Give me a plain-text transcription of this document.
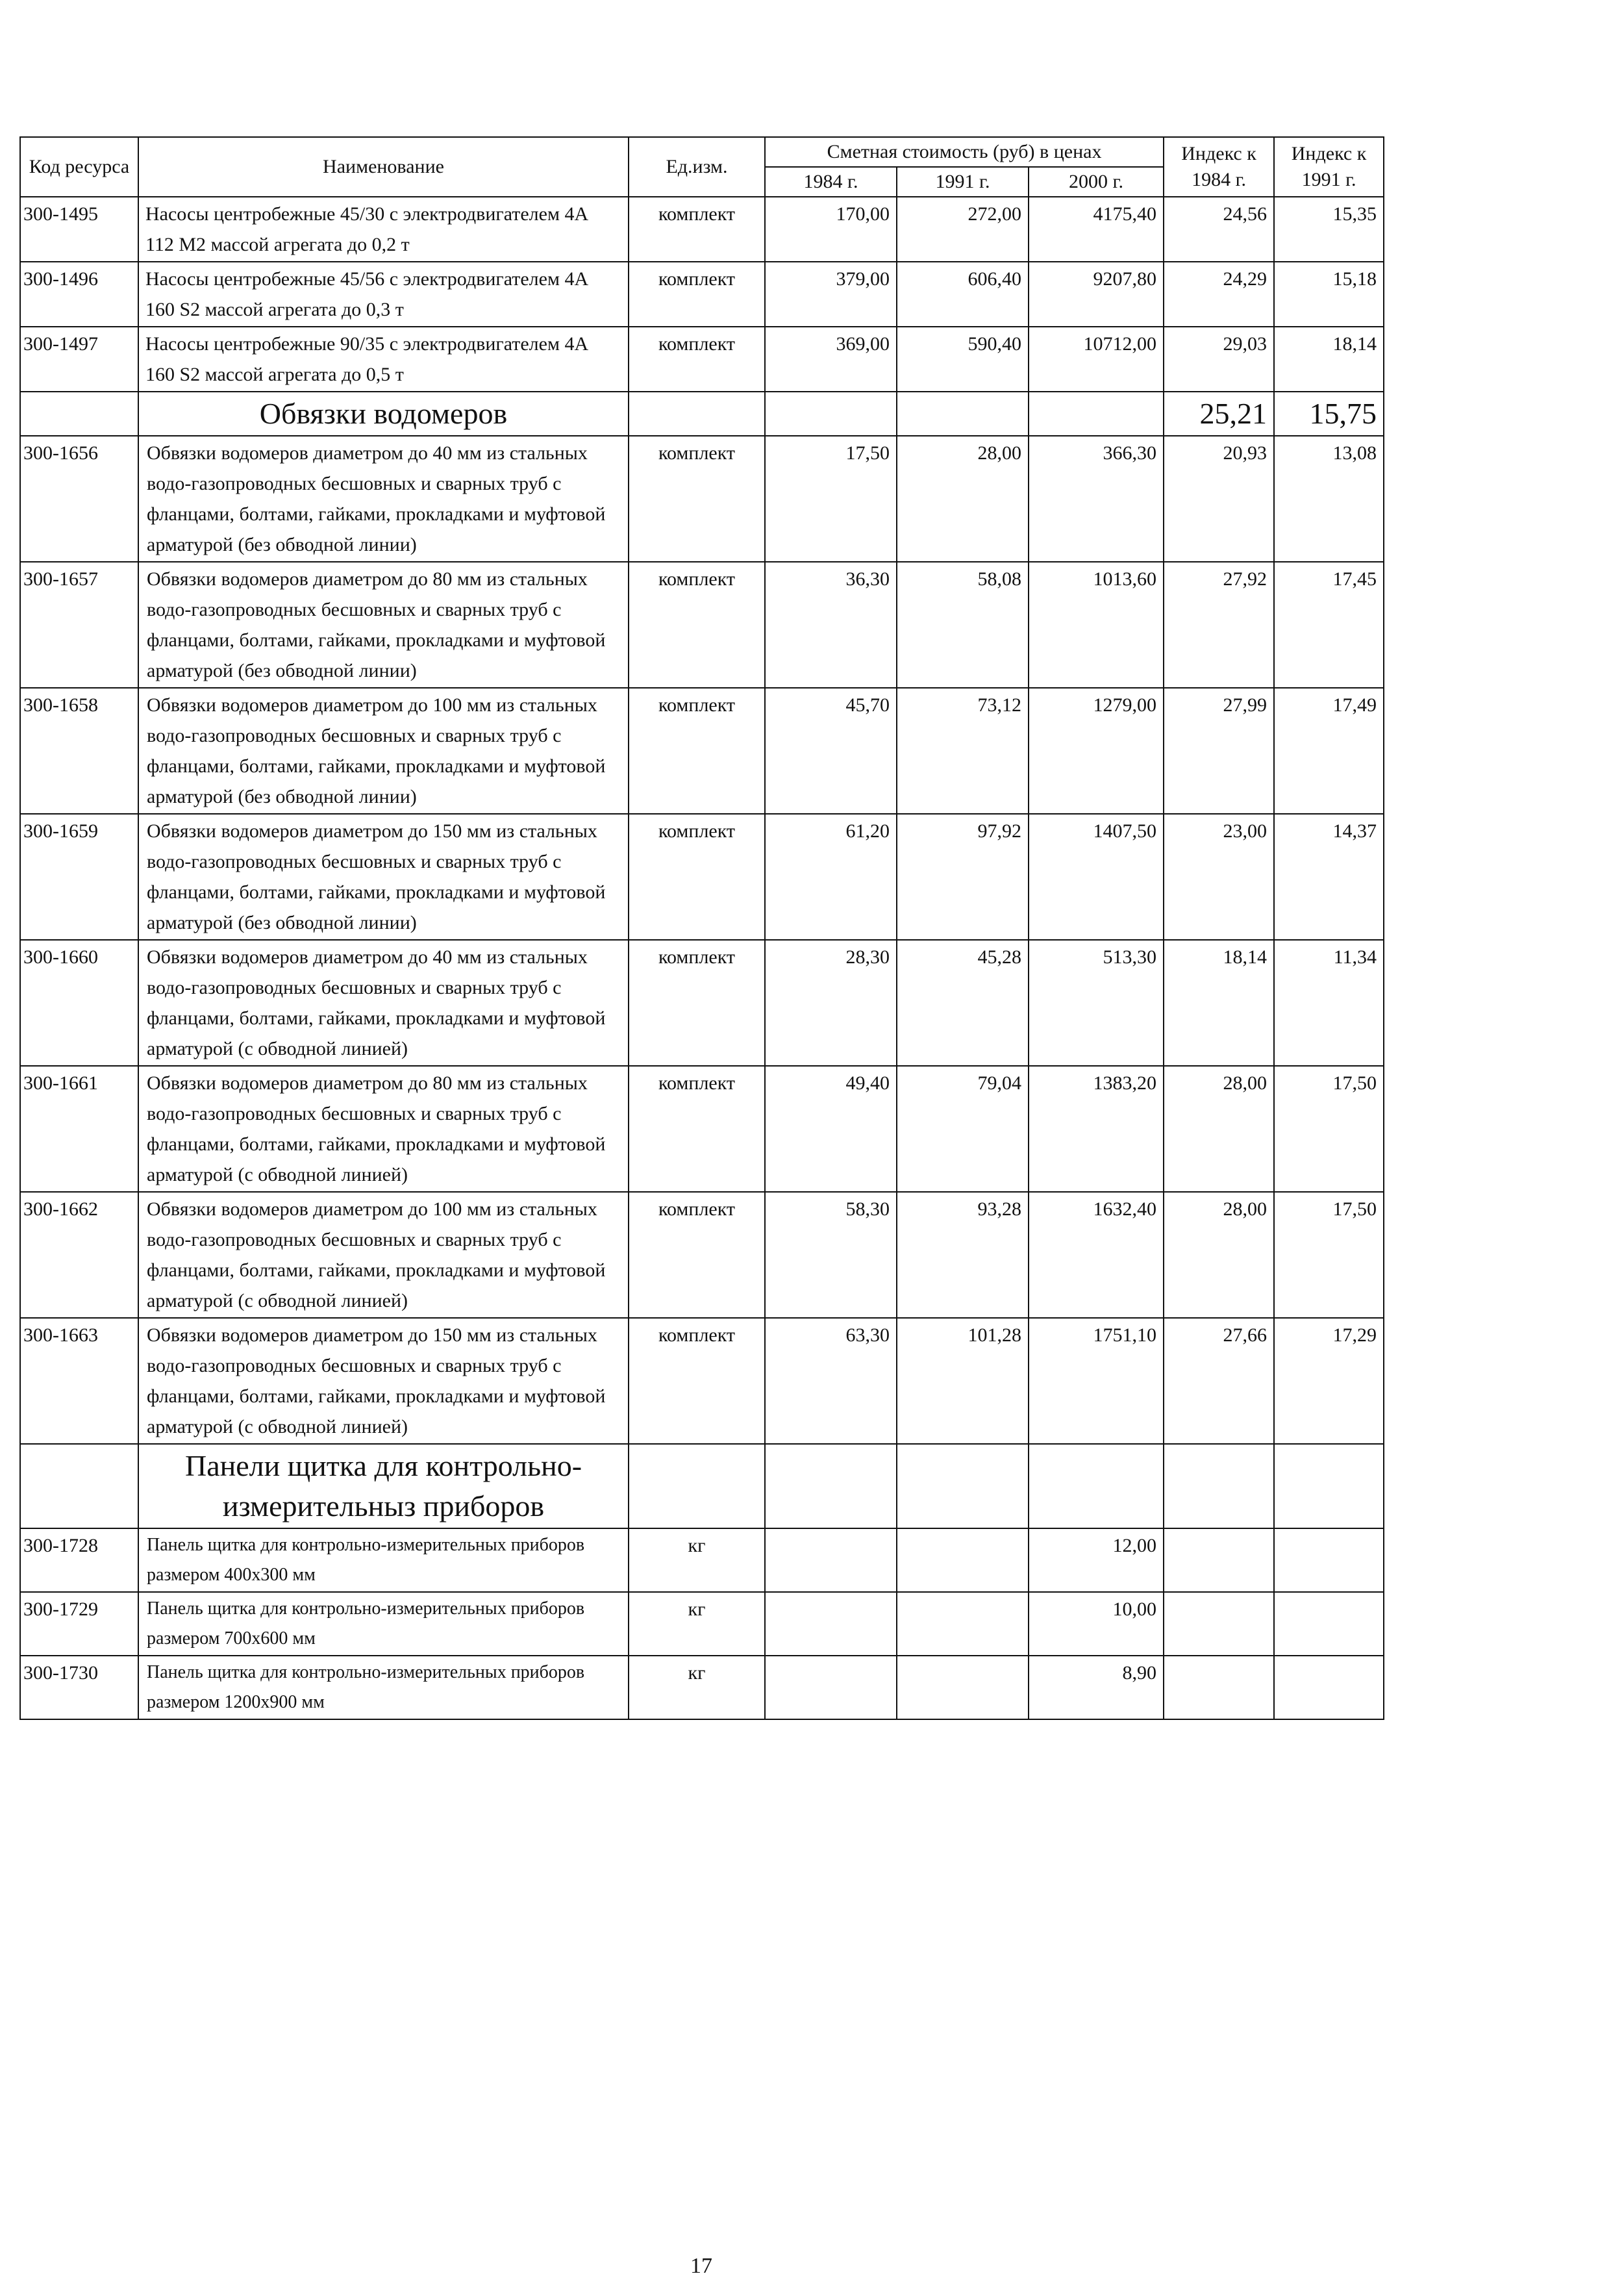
Код ресурса	Наименование	Ед.изм.	Сметная стоимость (руб) в ценах			Индекс к 1984 г.	Индекс к 1991 г.
			1984 г.	1991 г.	2000 г.		
300-1495	Насосы центробежные 45/30 с электродвигателем 4А 112 М2 массой агрегата до 0,2 т	комплект	170,00	272,00	4175,40	24,56	15,35
300-1496	Насосы центробежные 45/56 с электродвигателем 4А 160 S2 массой агрегата до 0,3 т	комплект	379,00	606,40	9207,80	24,29	15,18
300-1497	Насосы центробежные 90/35 с электродвигателем 4А 160 S2 массой агрегата до 0,5 т	комплект	369,00	590,40	10712,00	29,03	18,14
	Обвязки водомеров					25,21	15,75
300-1656	Обвязки водомеров диаметром до 40 мм из стальных водо-газопроводных бесшовных и сварных труб с фланцами, болтами, гайками, прокладками и муфтовой арматурой (без обводной линии)	комплект	17,50	28,00	366,30	20,93	13,08
300-1657	Обвязки водомеров диаметром до 80 мм из стальных водо-газопроводных бесшовных и сварных труб с фланцами, болтами, гайками, прокладками и муфтовой арматурой (без обводной линии)	комплект	36,30	58,08	1013,60	27,92	17,45
300-1658	Обвязки водомеров диаметром до 100 мм из стальных водо-газопроводных бесшовных и сварных труб с фланцами, болтами, гайками, прокладками и муфтовой арматурой (без обводной линии)	комплект	45,70	73,12	1279,00	27,99	17,49
300-1659	Обвязки водомеров диаметром до 150 мм из стальных водо-газопроводных бесшовных и сварных труб с фланцами, болтами, гайками, прокладками и муфтовой арматурой (без обводной линии)	комплект	61,20	97,92	1407,50	23,00	14,37
300-1660	Обвязки водомеров диаметром до 40 мм из стальных водо-газопроводных бесшовных и сварных труб с фланцами, болтами, гайками, прокладками и муфтовой арматурой (с обводной линией)	комплект	28,30	45,28	513,30	18,14	11,34
300-1661	Обвязки водомеров диаметром до 80 мм из стальных водо-газопроводных бесшовных и сварных труб с фланцами, болтами, гайками, прокладками и муфтовой арматурой (с обводной линией)	комплект	49,40	79,04	1383,20	28,00	17,50
300-1662	Обвязки водомеров диаметром до 100 мм из стальных водо-газопроводных бесшовных и сварных труб с фланцами, болтами, гайками, прокладками и муфтовой арматурой (с обводной линией)	комплект	58,30	93,28	1632,40	28,00	17,50
300-1663	Обвязки водомеров диаметром до 150 мм из стальных водо-газопроводных бесшовных и сварных труб с фланцами, болтами, гайками, прокладками и муфтовой арматурой (с обводной линией)	комплект	63,30	101,28	1751,10	27,66	17,29
	Панели щитка для контрольно-измерительныз приборов						
300-1728	Панель щитка для контрольно-измерительных приборов размером 400х300 мм	кг			12,00		
300-1729	Панель щитка для контрольно-измерительных приборов размером 700х600 мм	кг			10,00		
300-1730	Панель щитка для контрольно-измерительных приборов размером 1200х900 мм	кг			8,90		
17
